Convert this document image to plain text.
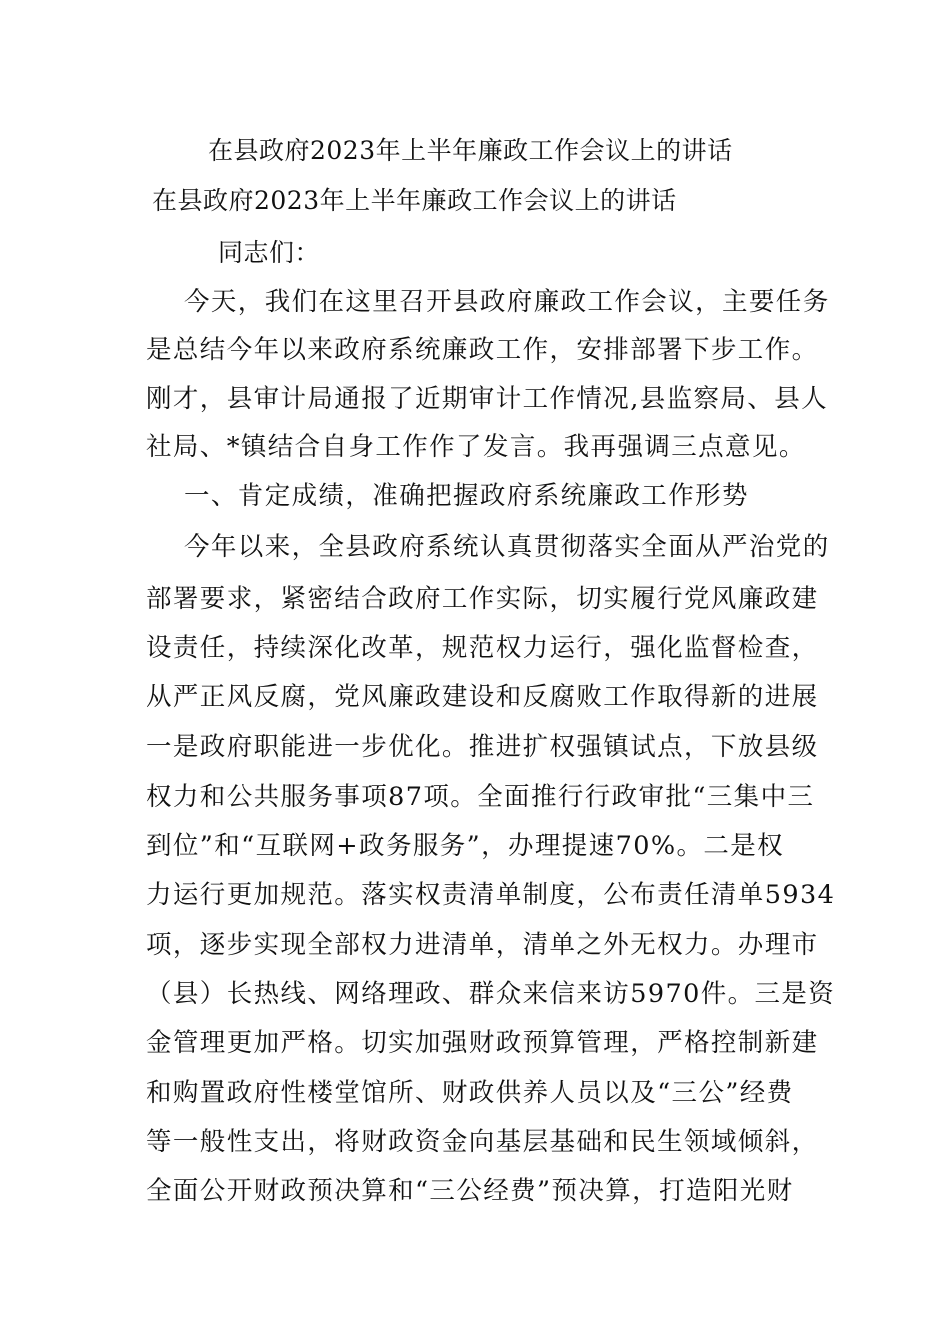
在县政府2023年上半年廉政工作会议上的讲话
在县政府2023年上半年廉政工作会议上的讲话
同志们：
今天，我们在这里召开县政府廉政工作会议，主要任务
是总结今年以来政府系统廉政工作，安排部署下步工作。
刚才，县审计局通报了近期审计工作情况,县监察局、县人
社局、*镇结合自身工作作了发言。我再强调三点意见。
一、肯定成绩，准确把握政府系统廉政工作形势
今年以来，全县政府系统认真贯彻落实全面从严治党的
部署要求，紧密结合政府工作实际，切实履行党风廉政建
设责任，持续深化改革，规范权力运行，强化监督检查，
从严正风反腐，党风廉政建设和反腐败工作取得新的进展
一是政府职能进一步优化。推进扩权强镇试点，下放县级
权力和公共服务事项87项。全面推行行政审批“三集中三
到位”和“互联网+政务服务”，办理提速70%。二是权
力运行更加规范。落实权责清单制度，公布责任清单5934
项，逐步实现全部权力进清单，清单之外无权力。办理市
（县）长热线、网络理政、群众来信来访5970件。三是资
金管理更加严格。切实加强财政预算管理，严格控制新建
和购置政府性楼堂馆所、财政供养人员以及“三公”经费
等一般性支出，将财政资金向基层基础和民生领域倾斜，
全面公开财政预决算和“三公经费”预决算，打造阳光财
